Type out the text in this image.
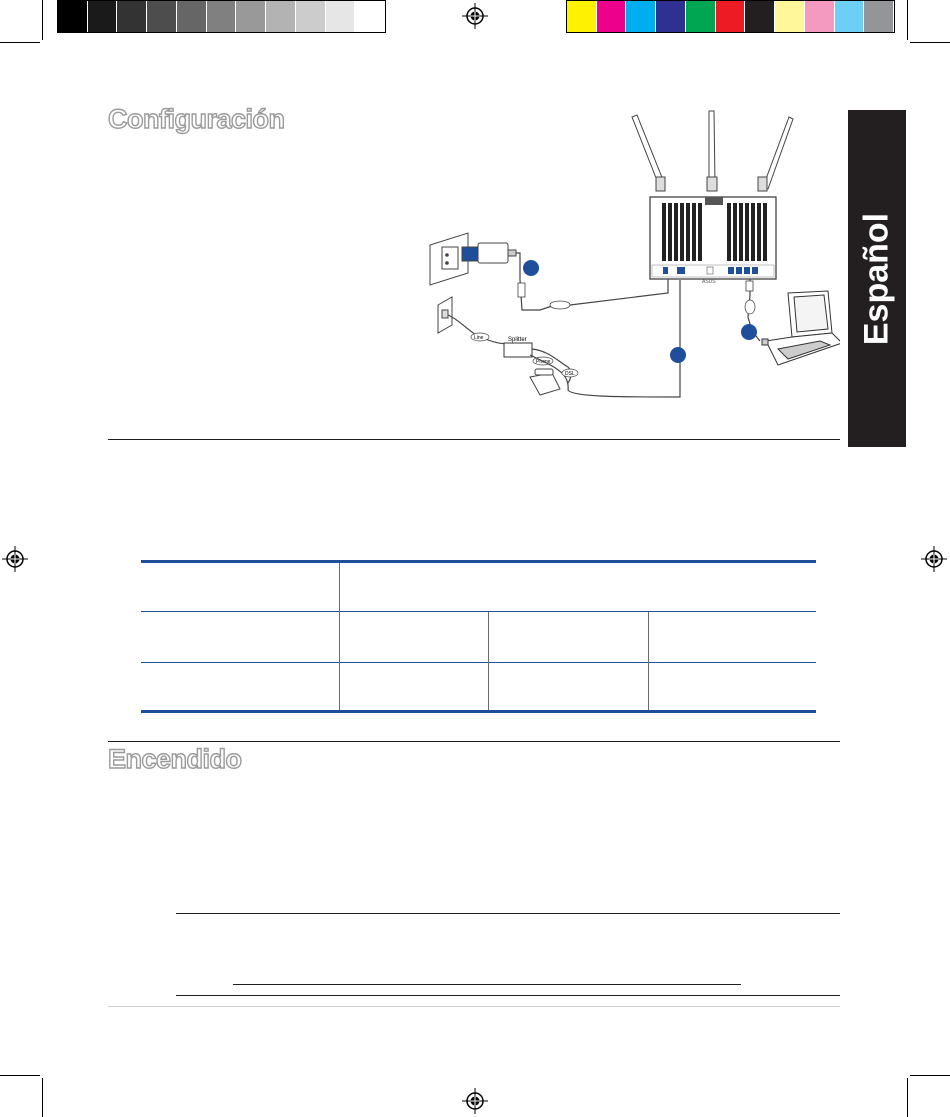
Configuración
Encendido
Español
ASUS
Line	Splitter
Phone
DSL
